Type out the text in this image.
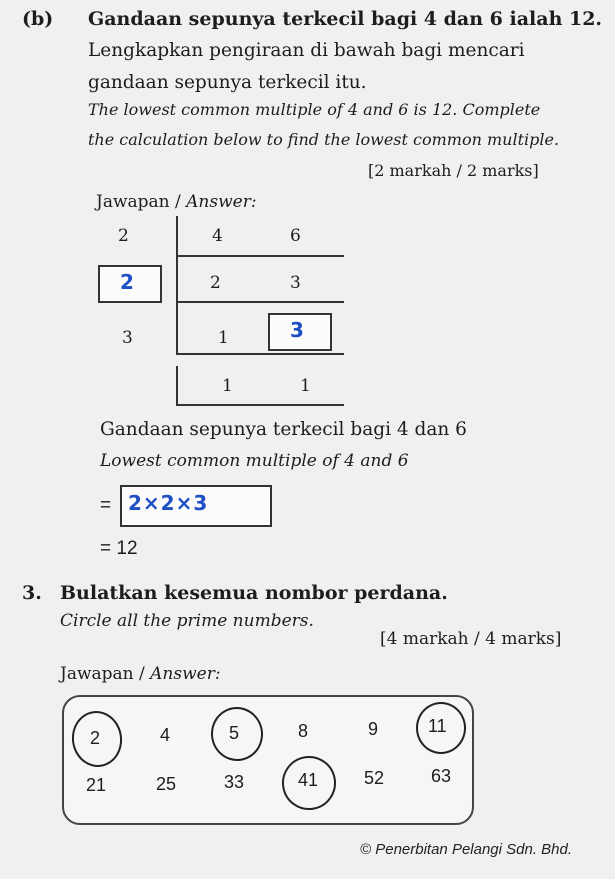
(b) Gandaan sepunya terkecil bagi 4 dan 6 ialah 12.
Lengkapkan pengiraan di bawah bagi mencari
gandaan sepunya terkecil itu.
The lowest common multiple of 4 and 6 is 12. Complete
the calculation below to find the lowest common multiple.
[2 markah / 2 marks]
Jawapan / Answer:
2	4	6
2	2	3
3	1	3
1	1
Gandaan sepunya terkecil bagi 4 dan 6
Lowest common multiple of 4 and 6
= 2×2×3
= 12
3. Bulatkan kesemua nombor perdana.
Circle all the prime numbers.
[4 markah / 4 marks]
Jawapan / Answer:
2	4	5	8	9	11
21	25	33	41	52	63
© Penerbitan Pelangi Sdn. Bhd.
